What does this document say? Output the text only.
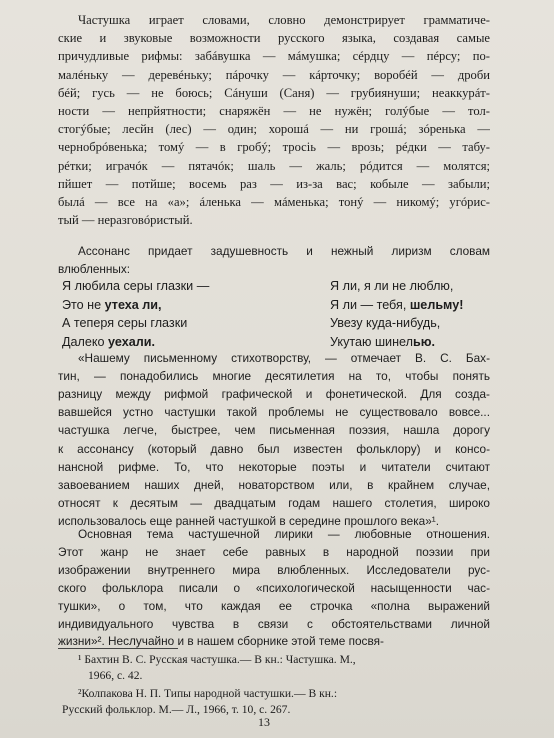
Частушка играет словами, словно демонстрирует грамматиче-
ские и звуковые возможности русского языка, создавая самые
причудливые рифмы: забáвушка — мáмушка; сéрдцу — пéрсу; по-
малéньку — деревéньку; пáрочку — кáрточку; воробéй — дроби
бéй; гусь — не боюсь; Сáнуши (Саня) — грубиянуши; неаккурáт-
ности — непрйятности; снаряжён — не нужён; голýбые — тол-
стогýбые; лесйн (лес) — один; хорошá — ни грошá; зóренька —
чернобрóвенька; томý — в гробý; тросiь — врозь; рéдки — табу-
рéтки; играчóк — пятачóк; шаль — жаль; рóдится — молятся;
пйшет — потйше; восемь раз — из-за вас; кобыле — забыли;
былá — все на «а»; áленька — мáменька; тонý — никомý; угóрис-
тый — неразговóристый.
Ассонанс придает задушевность и нежный лиризм словам
влюбленных:
Я любила серы глазки —
Это не утеха ли,
А теперя серы глазки
Далеко уехали.
Я ли, я ли не люблю,
Я ли — тебя, шельму!
Увезу куда-нибудь,
Укутаю шинелью.
«Нашему письменному стихотворству, — отмечает В. С. Бах-
тин, — понадобились многие десятилетия на то, чтобы понять
разницу между рифмой графической и фонетической. Для созда-
вавшейся устно частушки такой проблемы не существовало вовсе...
частушка легче, быстрее, чем письменная поэзия, нашла дорогу
к ассонансу (который давно был известен фольклору) и консо-
нансной рифме. То, что некоторые поэты и читатели считают
завоеванием наших дней, новаторством или, в крайнем случае,
относят к десятым — двадцатым годам нашего столетия, широко
использовалось еще ранней частушкой в середине прошлого века»¹.
Основная тема частушечной лирики — любовные отношения.
Этот жанр не знает себе равных в народной поэзии при
изображении внутреннего мира влюбленных. Исследователи рус-
ского фольклора писали о «психологической насыщенности час-
тушки», о том, что каждая ее строчка «полна выражений
индивидуального чувства в связи с обстоятельствами личной
жизни»². Неслучайно и в нашем сборнике этой теме посвя-
¹ Бахтин В. С. Русская частушка.— В кн.: Частушка. М.,
1966, с. 42.
²Колпакова Н. П. Типы народной частушки.— В кн.:
Русский фольклор. М.— Л., 1966, т. 10, с. 267.
13
